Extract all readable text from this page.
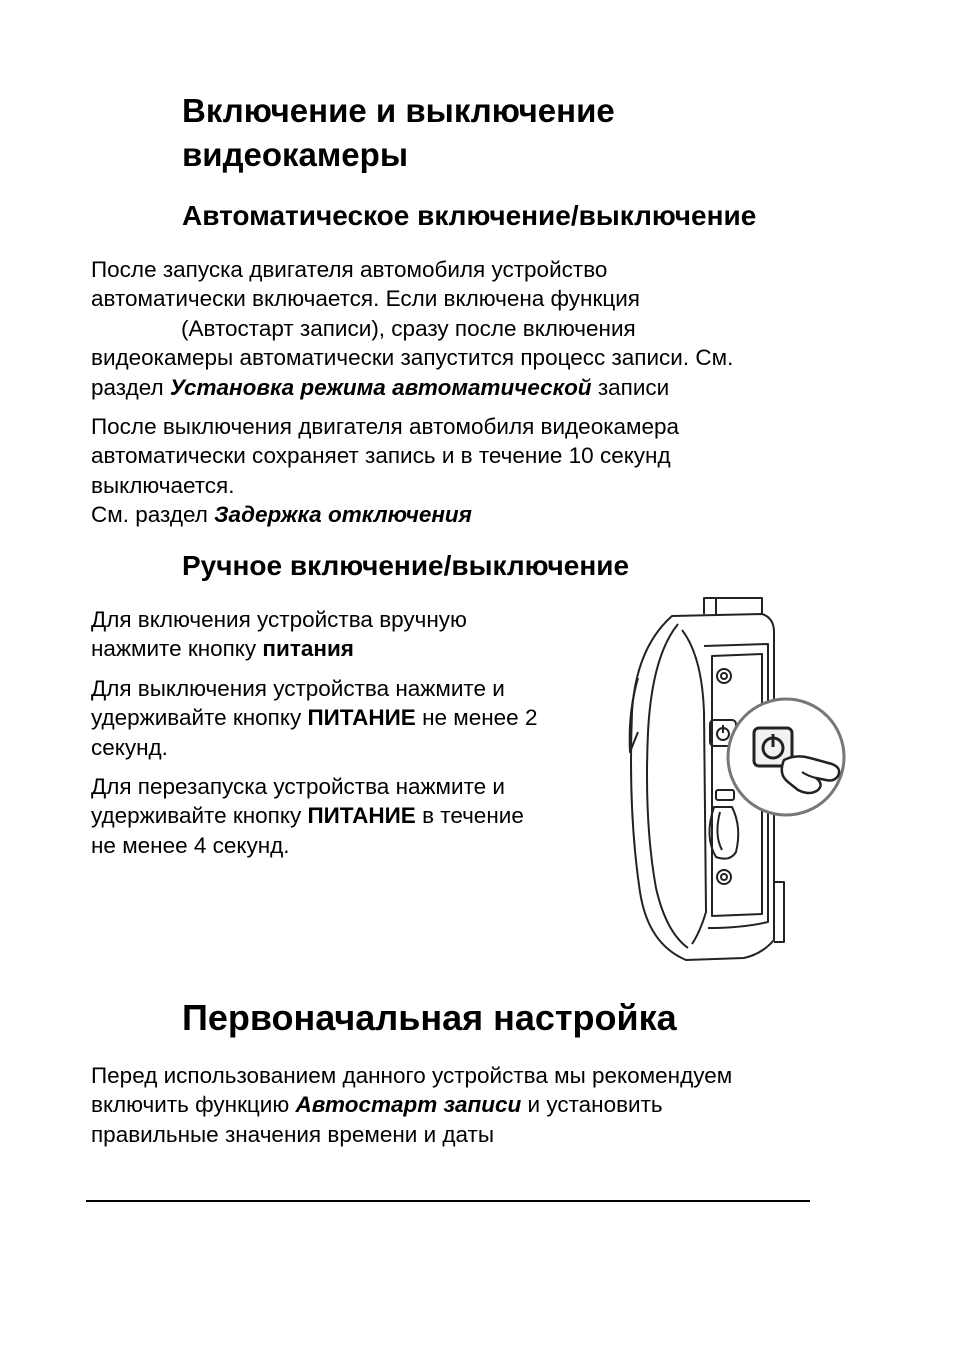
Включение и выключение
видеокамеры
Автоматическое включение/выключение

После запуска двигателя автомобиля устройство
автоматически включается. Если включена функция
(Автостарт записи), сразу после включения
видеокамеры автоматически запустится процесс записи. См.
раздел Установка режима автоматической записи

После выключения двигателя автомобиля видеокамера
автоматически сохраняет запись и в течение 10 секунд
выключается.
См. раздел Задержка отключения

Ручное включение/выключение

Для включения устройства вручную
нажмите кнопку питания

Для выключения устройства нажмите и
удерживайте кнопку ПИТАНИЕ не менее 2
секунд.

Для перезапуска устройства нажмите и
удерживайте кнопку ПИТАНИЕ в течение
не менее 4 секунд.

Первоначальная настройка

Перед использованием данного устройства мы рекомендуем
включить функцию Автостарт записи и установить
правильные значения времени и даты
